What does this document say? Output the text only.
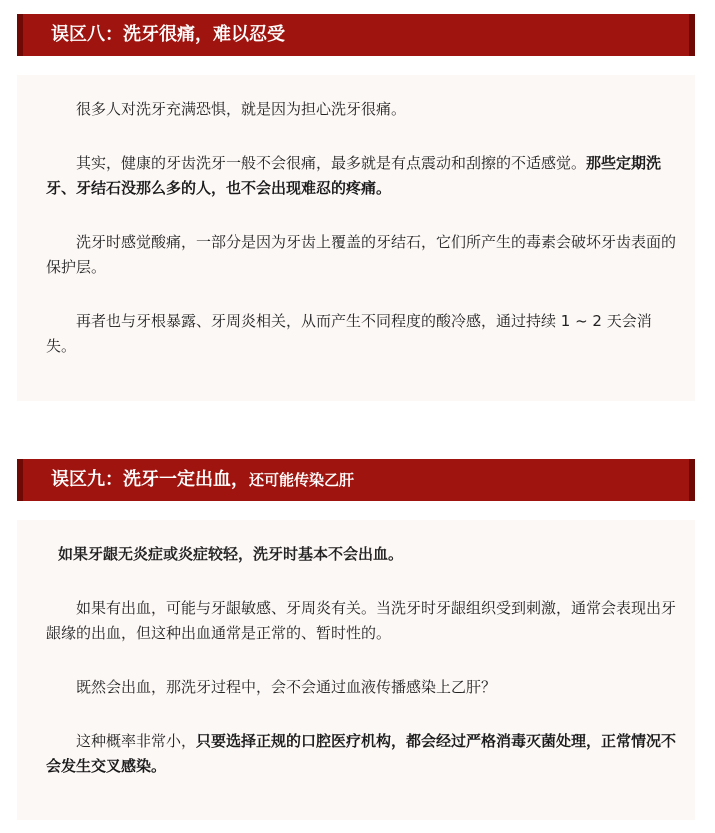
误区八：洗牙很痛，难以忍受

很多人对洗牙充满恐惧，就是因为担心洗牙很痛。

其实，健康的牙齿洗牙一般不会很痛，最多就是有点震动和刮擦的不适感觉。那些定期洗牙、牙结石没那么多的人，也不会出现难忍的疼痛。

洗牙时感觉酸痛，一部分是因为牙齿上覆盖的牙结石，它们所产生的毒素会破坏牙齿表面的保护层。

再者也与牙根暴露、牙周炎相关，从而产生不同程度的酸冷感，通过持续 1 ~ 2 天会消失。

误区九：洗牙一定出血，还可能传染乙肝

如果牙龈无炎症或炎症较轻，洗牙时基本不会出血。

如果有出血，可能与牙龈敏感、牙周炎有关。当洗牙时牙龈组织受到刺激，通常会表现出牙龈缘的出血，但这种出血通常是正常的、暂时性的。

既然会出血，那洗牙过程中，会不会通过血液传播感染上乙肝？

这种概率非常小，只要选择正规的口腔医疗机构，都会经过严格消毒灭菌处理，正常情况不会发生交叉感染。
